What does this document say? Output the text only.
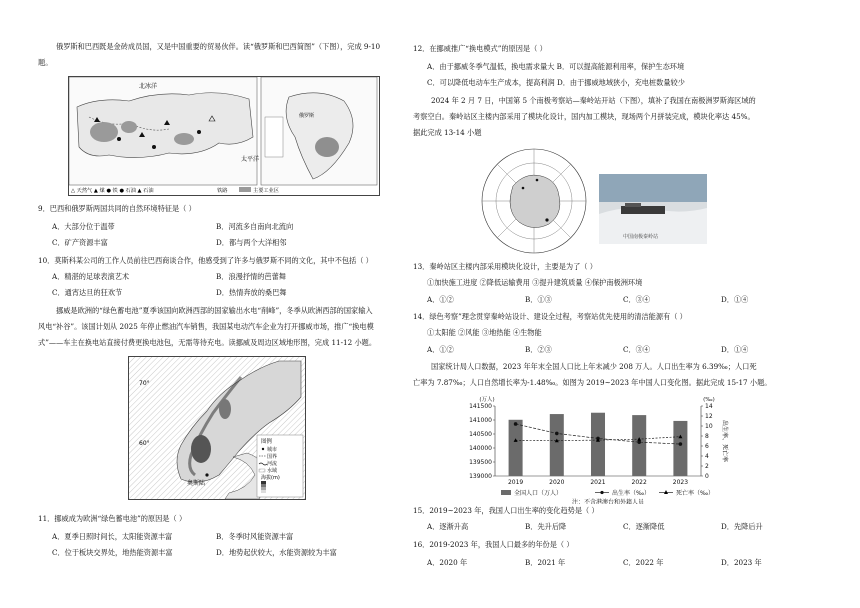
俄罗斯和巴西既是金砖成员国，又是中国重要的贸易伙伴。读“俄罗斯和巴西简图”（下图），完成 9-10
题。
北冰洋
太平洋
俄罗斯
△ 天然气 ▲ 煤 ● 铁 ● 石油 ▲ 石油	铁路	主要工业区
9．巴西和俄罗斯两国共同的自然环境特征是（ ）
A．大部分位于温带	B．河流多自南向北流向
C．矿产资源丰富	D．都与两个大洋相邻
10．莫斯科某公司的工作人员前往巴西商谈合作，他感受到了许多与俄罗斯不同的文化，其中不包括（ ）
A．精湛的足球表演艺术	B．浪漫抒情的芭蕾舞
C．通宵达旦的狂欢节	D．热情奔放的桑巴舞
挪威是欧洲的“绿色蓄电池”夏季该国向欧洲西部的国家输出水电“削峰”，冬季从欧洲西部的国家输入
风电“补谷”。该国计划从 2025 年停止燃油汽车销售，我国某电动汽车企业为打开挪威市场，推广“换电模
式”——车主在换电站直接付费更换电池包，无需等待充电。读挪威及周边区域地形图，完成 11-12 小题。
70°
60°
奥斯陆
图例
城市
国界
河流
水域
海拔(m)
11．挪威成为欧洲“绿色蓄电池”的原因是（ ）
A．夏季日照时间长，太阳能资源丰富	B．冬季时风能资源丰富
C．位于板块交界处，地热能资源丰富	D．地势起伏较大，水能资源较为丰富
12．在挪威推广“换电模式”的原因是（ ）
A．由于挪威冬季气温低，换电需求量大 B．可以提高能源利用率，保护生态环境
C．可以降低电动车生产成本，提高利润 D．由于挪威地域狭小，充电桩数量较少
2024 年 2 月 7 日，中国第 5 个南极考察站—秦岭站开站（下图），填补了我国在南极洲罗斯海区域的
考察空白。秦岭站区主楼内部采用了模块化设计，国内加工模块，现场两个月拼装完成，模块化率达 45%。
据此完成 13-14 小题
中国南极秦岭站
13．秦岭站区主楼内部采用模块化设计，主要是为了（ ）
①加快施工进度 ②降低运输费用 ③提升建筑质量 ④保护南极洲环境
A．①②	B．①③	C．③④	D．①④
14．绿色考察”理念贯穿秦岭站设计、建设全过程，考察站优先使用的清洁能源有（ ）
①太阳能 ②风能 ③地热能 ④生物能
A．①②	B．②③	C．③④	D．①④
国家统计局人口数据，2023 年年末全国人口比上年末减少 208 万人。人口出生率为 6.39‰；人口死
亡率为 7.87‰；人口自然增长率为-1.48‰。如图为 2019~2023 年中国人口变化图。据此完成 15-17 小题。
141500
141000
140500
140000
139500
139000
14
12
10
8
6
4
2
0
(万人)	(‰)
出生率、死亡率
2019	2020	2021	2022	2023
全国人口（万人）	出生率（‰）	死亡率（‰）
注：不含港澳台和外籍人员
15．2019~2023 年，我国人口出生率的变化趋势是（ ）
A．逐渐升高	B．先升后降	C．逐渐降低	D．先降后升
16．2019-2023 年，我国人口最多的年份是（ ）
A．2020 年	B．2021 年	C．2022 年	D．2023 年
